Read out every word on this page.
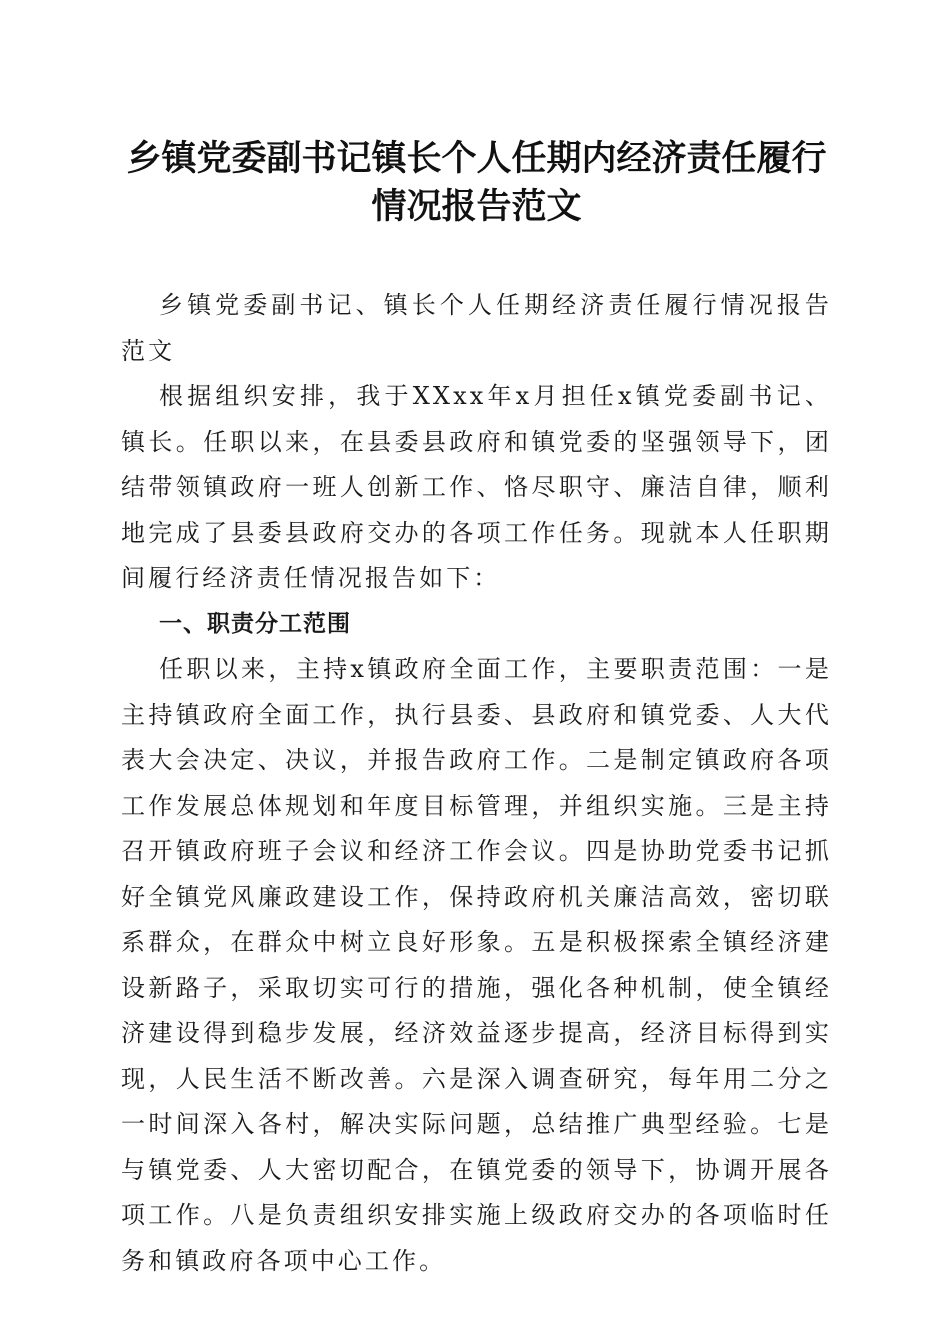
乡镇党委副书记镇长个人任期内经济责任履行
情况报告范文

乡镇党委副书记、镇长个人任期经济责任履行情况报告范文

根据组织安排，我于XXxx年x月担任x镇党委副书记、镇长。任职以来，在县委县政府和镇党委的坚强领导下，团结带领镇政府一班人创新工作、恪尽职守、廉洁自律，顺利地完成了县委县政府交办的各项工作任务。现就本人任职期间履行经济责任情况报告如下：

一、职责分工范围

任职以来，主持x镇政府全面工作，主要职责范围：一是主持镇政府全面工作，执行县委、县政府和镇党委、人大代表大会决定、决议，并报告政府工作。二是制定镇政府各项工作发展总体规划和年度目标管理，并组织实施。三是主持召开镇政府班子会议和经济工作会议。四是协助党委书记抓好全镇党风廉政建设工作，保持政府机关廉洁高效，密切联系群众，在群众中树立良好形象。五是积极探索全镇经济建设新路子，采取切实可行的措施，强化各种机制，使全镇经济建设得到稳步发展，经济效益逐步提高，经济目标得到实现，人民生活不断改善。六是深入调查研究，每年用二分之一时间深入各村，解决实际问题，总结推广典型经验。七是与镇党委、人大密切配合，在镇党委的领导下，协调开展各项工作。八是负责组织安排实施上级政府交办的各项临时任务和镇政府各项中心工作。
